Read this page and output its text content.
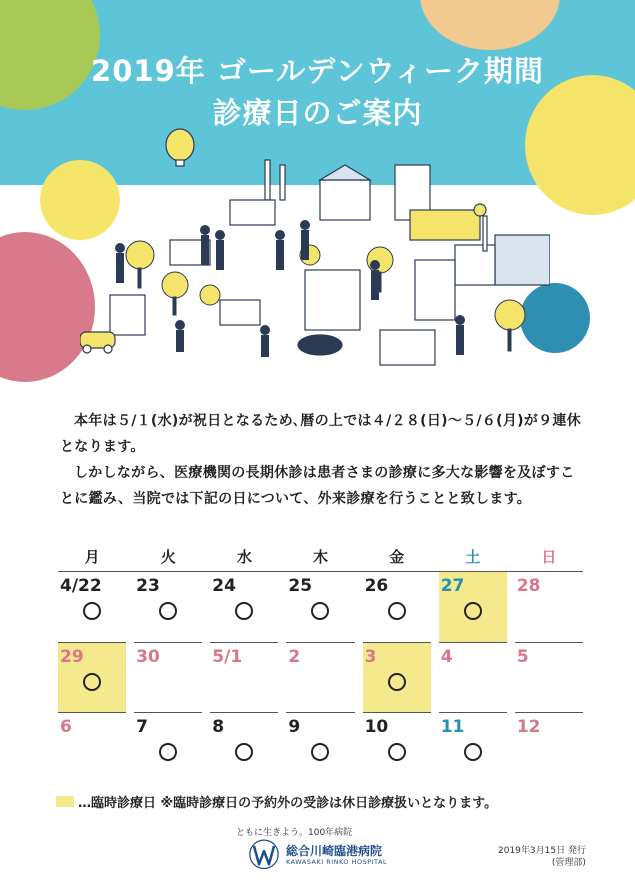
2019年 ゴールデンウィーク期間
診療日のご案内

本年は５/１(水)が祝日となるため､暦の上では４/２８(日)～５/６(月)が９連休となります。

しかしながら、医療機関の長期休診は患者さまの診療に多大な影響を及ぼすことに鑑み、当院では下記の日について、外来診療を行うことと致します。

月	火	水	木	金	土	日
4/22 23	24	25	26	27	28
29	30	5/1	2	3	4	5
6	7	8	9	10	11	12
…臨時診療日 ※臨時診療日の予約外の受診は休日診療扱いとなります。
ともに生きよう。100年病院
総合川崎臨港病院
KAWASAKI RINKO HOSPITAL
2019年3月15日 発行
(管理部)
